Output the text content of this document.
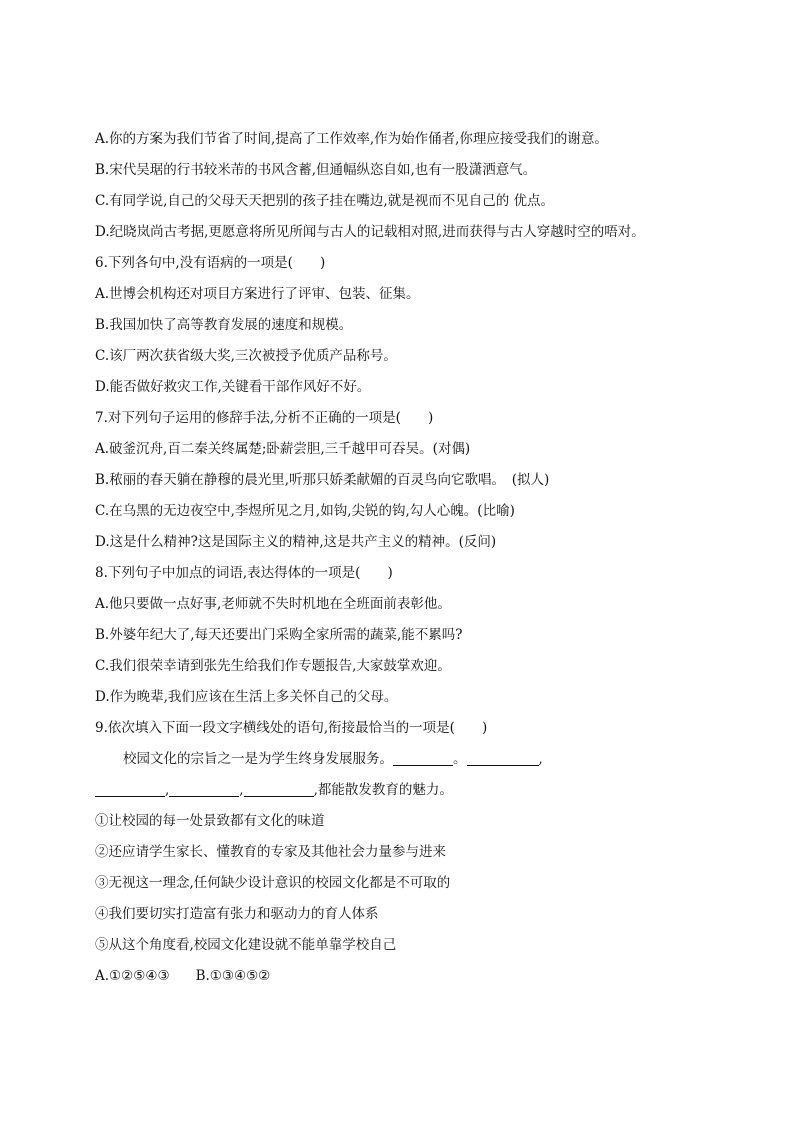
A.你的方案为我们节省了时间,提高了工作效率,作为始作俑者,你理应接受我们的谢意。
B.宋代吴琚的行书较米芾的书风含蓄,但通幅纵恣自如,也有一股潇洒意气。
C.有同学说,自己的父母天天把别的孩子挂在嘴边,就是视而不见自己的 优点。
D.纪晓岚尚古考据,更愿意将所见所闻与古人的记载相对照,进而获得与古人穿越时空的唔对。
6.下列各句中,没有语病的一项是(　　)
A.世博会机构还对项目方案进行了评审、包装、征集。
B.我国加快了高等教育发展的速度和规模。
C.该厂两次获省级大奖,三次被授予优质产品称号。
D.能否做好救灾工作,关键看干部作风好不好。
7.对下列句子运用的修辞手法,分析不正确的一项是(　　)
A.破釜沉舟,百二秦关终属楚;卧薪尝胆,三千越甲可吞吴。(对偶)
B.秾丽的春天躺在静穆的晨光里,听那只娇柔献媚的百灵鸟向它歌唱。　(拟人)
C.在乌黑的无边夜空中,李煜所见之月,如钩,尖锐的钩,勾人心魄。(比喻)
D.这是什么精神?这是国际主义的精神,这是共产主义的精神。(反问)
8.下列句子中加点的词语,表达得体的一项是(　　)
A.他只要做一点好事,老师就不失时机地在全班面前表彰他。
B.外婆年纪大了,每天还要出门采购全家所需的蔬菜,能不累吗?
C.我们很荣幸请到张先生给我们作专题报告,大家鼓掌欢迎。
D.作为晚辈,我们应该在生活上多关怀自己的父母。
9.依次填入下面一段文字横线处的语句,衔接最恰当的一项是(　　)
校园文化的宗旨之一是为学生终身发展服务。	。	,
,	,	,都能散发教育的魅力。
①让校园的每一处景致都有文化的味道
②还应请学生家长、懂教育的专家及其他社会力量参与进来
③无视这一理念,任何缺少设计意识的校园文化都是不可取的
④我们要切实打造富有张力和驱动力的育人体系
⑤从这个角度看,校园文化建设就不能单靠学校自己
A.①②⑤④③ B.①③④⑤②
